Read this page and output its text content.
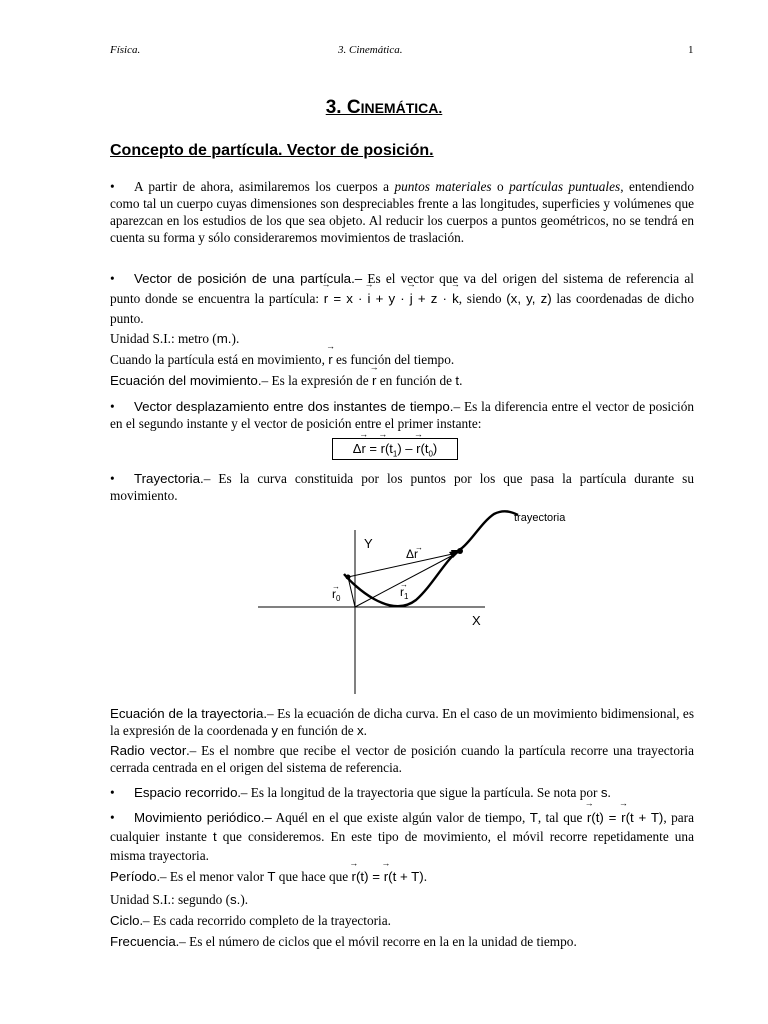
Física.	3. Cinemática.	1
3. CINEMÁTICA.
Concepto de partícula. Vector de posición.
• A partir de ahora, asimilaremos los cuerpos a puntos materiales o partículas puntuales, entendiendo como tal un cuerpo cuyas dimensiones son despreciables frente a las longitudes, superficies y volúmenes que aparezcan en los estudios de los que sea objeto. Al reducir los cuerpos a puntos geométricos, no se tendrá en cuenta su forma y sólo consideraremos movimientos de traslación.
• Vector de posición de una partícula.– Es el vector que va del origen del sistema de referencia al punto donde se encuentra la partícula: → r = x · → i + y · → j + z · → k, siendo (x, y, z) las coordenadas de dicho punto.
Unidad S.I.: metro (m.).
Cuando la partícula está en movimiento, → r es función del tiempo.
Ecuación del movimiento.– Es la expresión de → r en función de t.
• Vector desplazamiento entre dos instantes de tiempo.– Es la diferencia entre el vector de posición en el segundo instante y el vector de posición entre el primer instante:
Δ→ r = → $r(t_1)$ – → $r(t_0)$
• Trayectoria.– Es la curva constituida por los puntos por los que pasa la partícula durante su movimiento.
trayectoria
Y
X
Δr
→
$r_0$
→	$r_1$
→
Ecuación de la trayectoria.– Es la ecuación de dicha curva. En el caso de un movimiento bidimensional, es la expresión de la coordenada y en función de x.
Radio vector.– Es el nombre que recibe el vector de posición cuando la partícula recorre una trayectoria cerrada centrada en el origen del sistema de referencia.
• Espacio recorrido.– Es la longitud de la trayectoria que sigue la partícula. Se nota por s.
• Movimiento periódico.– Aquél en el que existe algún valor de tiempo, T, tal que → r(t) = → r(t + T), para cualquier instante t que consideremos. En este tipo de movimiento, el móvil recorre repetidamente una misma trayectoria.
Período.– Es el menor valor T que hace que → r(t) = → r(t + T).
Unidad S.I.: segundo (s.).
Ciclo.– Es cada recorrido completo de la trayectoria.
Frecuencia.– Es el número de ciclos que el móvil recorre en la en la unidad de tiempo.
